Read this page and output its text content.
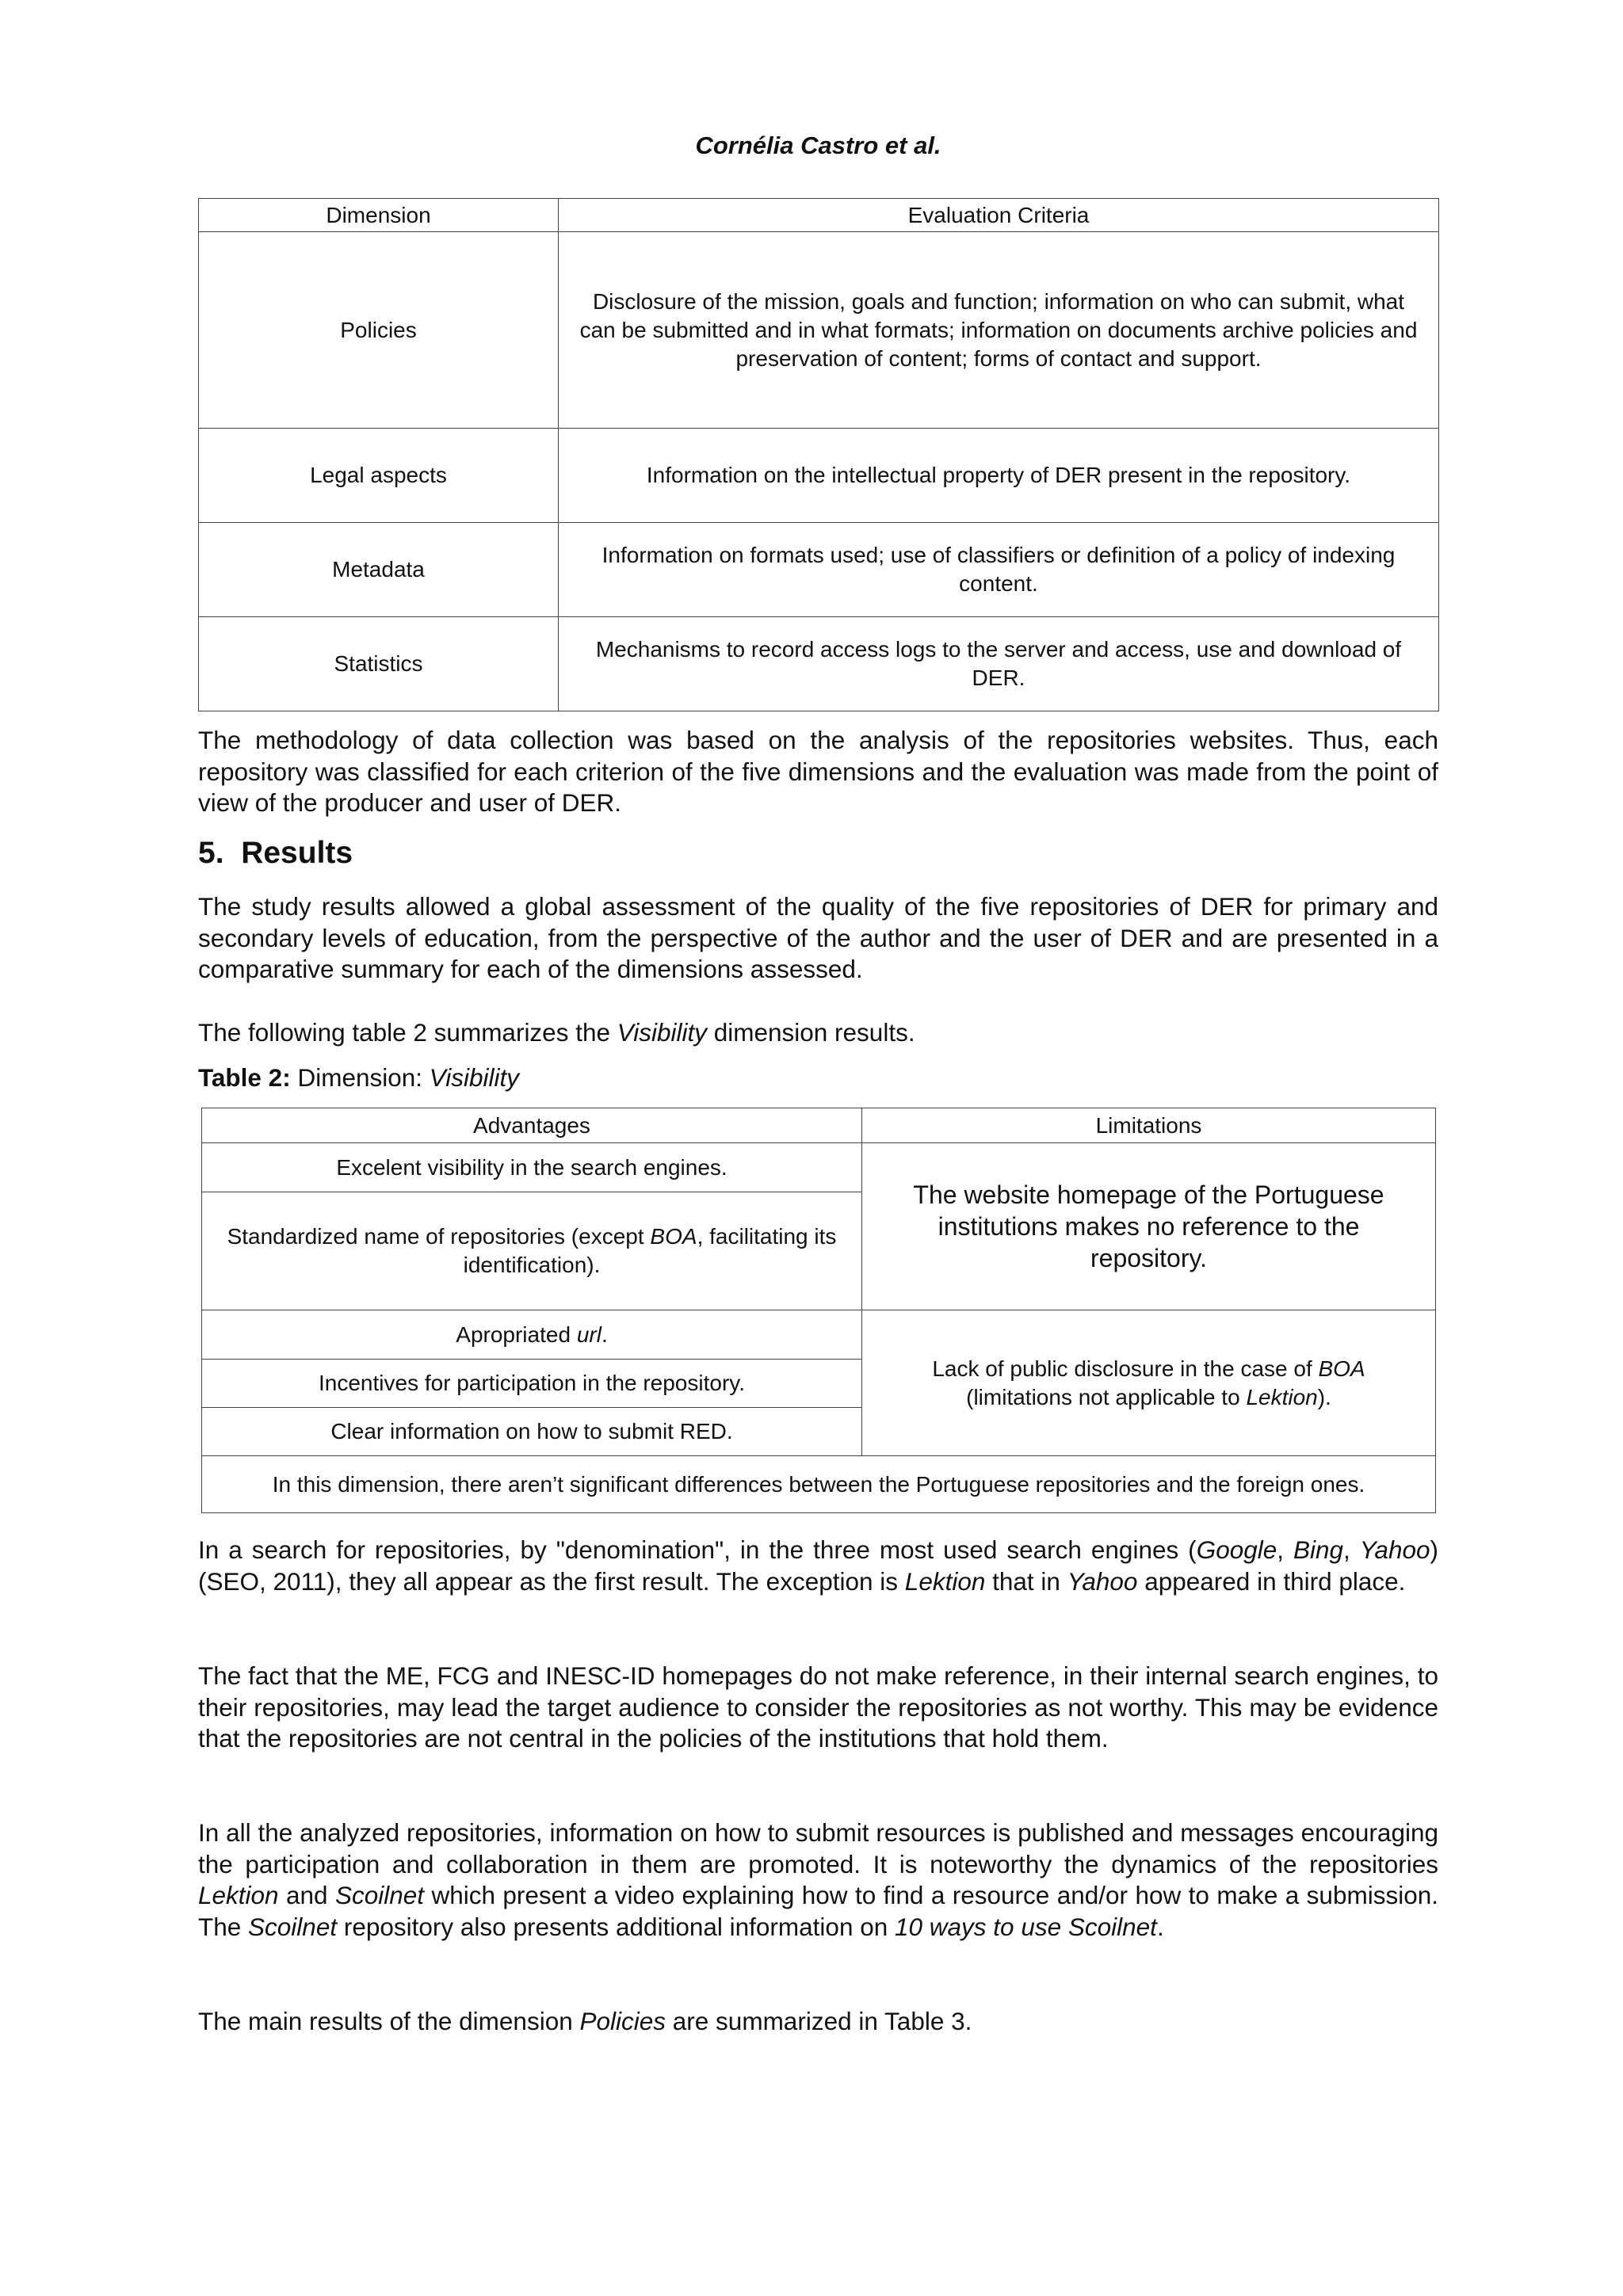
Cornélia Castro et al.
Dimension	Evaluation Criteria
Policies	Disclosure of the mission, goals and function; information on who can submit, what can be submitted and in what formats; information on documents archive policies and preservation of content; forms of contact and support.
Legal aspects	Information on the intellectual property of DER present in the repository.
Metadata	Information on formats used; use of classifiers or definition of a policy of indexing content.
Statistics	Mechanisms to record access logs to the server and access, use and download of DER.

The methodology of data collection was based on the analysis of the repositories websites. Thus, each repository was classified for each criterion of the five dimensions and the evaluation was made from the point of view of the producer and user of DER.

5. Results

The study results allowed a global assessment of the quality of the five repositories of DER for primary and secondary levels of education, from the perspective of the author and the user of DER and are presented in a comparative summary for each of the dimensions assessed.

The following table 2 summarizes the Visibility dimension results.

Table 2: Dimension: Visibility

Advantages	Limitations
Excelent visibility in the search engines.	The website homepage of the Portuguese institutions makes no reference to the repository.
Standardized name of repositories (except BOA, facilitating its identification).	
Apropriated url.	Lack of public disclosure in the case of BOA (limitations not applicable to Lektion).
Incentives for participation in the repository.	
Clear information on how to submit RED.	
In this dimension, there aren’t significant differences between the Portuguese repositories and the foreign ones.	

In a search for repositories, by "denomination", in the three most used search engines (Google, Bing, Yahoo) (SEO, 2011), they all appear as the first result. The exception is Lektion that in Yahoo appeared in third place.

The fact that the ME, FCG and INESC-ID homepages do not make reference, in their internal search engines, to their repositories, may lead the target audience to consider the repositories as not worthy. This may be evidence that the repositories are not central in the policies of the institutions that hold them.

In all the analyzed repositories, information on how to submit resources is published and messages encouraging the participation and collaboration in them are promoted. It is noteworthy the dynamics of the repositories Lektion and Scoilnet which present a video explaining how to find a resource and/or how to make a submission. The Scoilnet repository also presents additional information on 10 ways to use Scoilnet.

The main results of the dimension Policies are summarized in Table 3.
